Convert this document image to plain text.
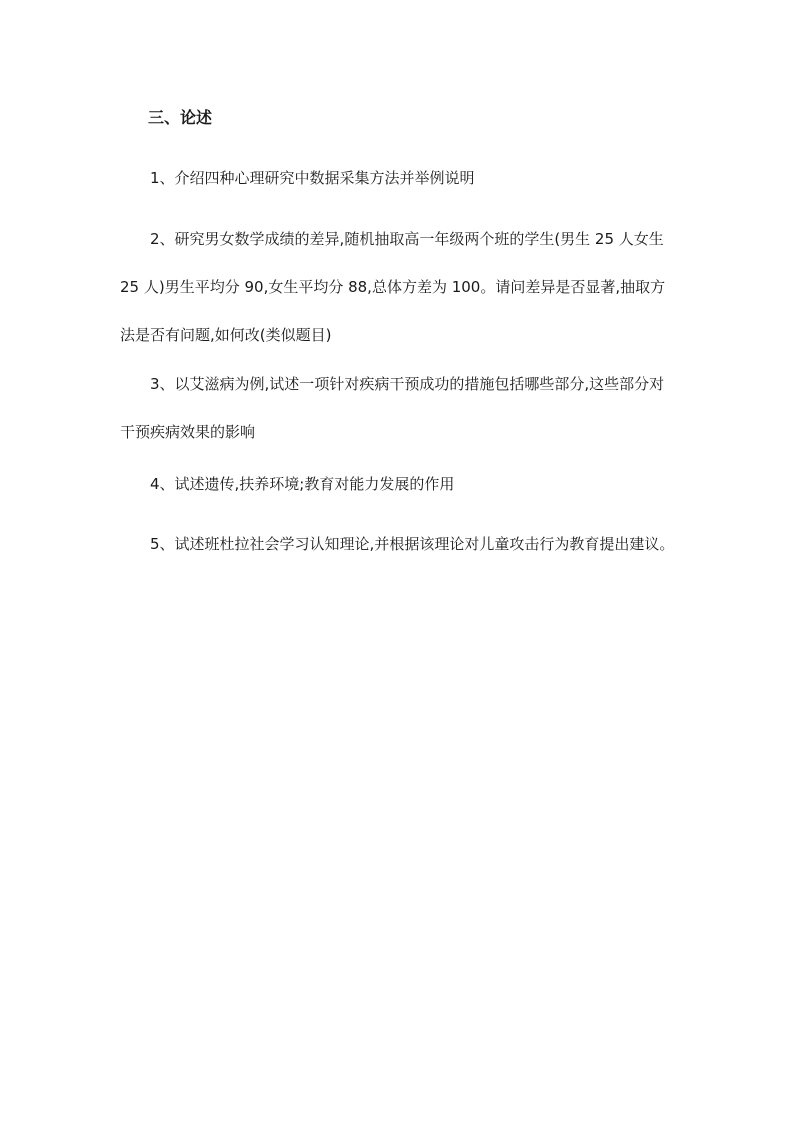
三、论述
1、介绍四种心理研究中数据采集方法并举例说明
2、研究男女数学成绩的差异,随机抽取高一年级两个班的学生(男生 25 人女生 25 人)男生平均分 90,女生平均分 88,总体方差为 100。请问差异是否显著,抽取方法是否有问题,如何改(类似题目)
3、以艾滋病为例,试述一项针对疾病干预成功的措施包括哪些部分,这些部分对干预疾病效果的影响
4、试述遗传,扶养环境;教育对能力发展的作用
5、试述班杜拉社会学习认知理论,并根据该理论对儿童攻击行为教育提出建议。
